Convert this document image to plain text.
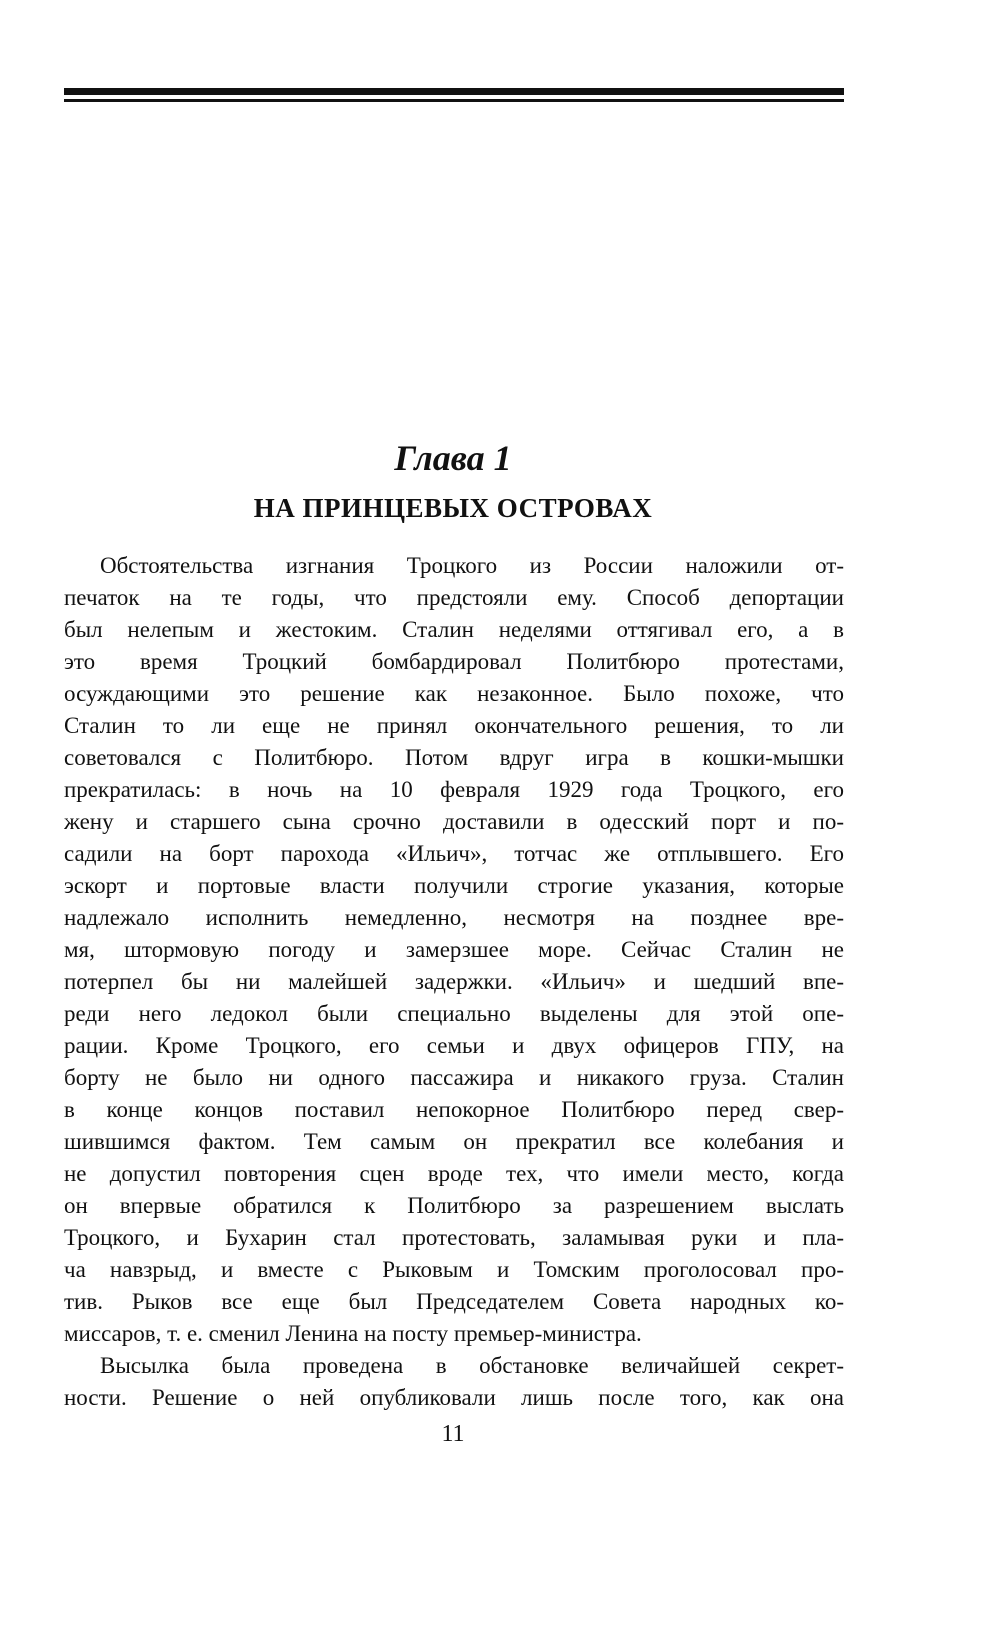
Глава 1
НА ПРИНЦЕВЫХ ОСТРОВАХ
Обстоятельства изгнания Троцкого из России наложили от-
печаток на те годы, что предстояли ему. Способ депортации
был нелепым и жестоким. Сталин неделями оттягивал его, а в
это время Троцкий бомбардировал Политбюро протестами,
осуждающими это решение как незаконное. Было похоже, что
Сталин то ли еще не принял окончательного решения, то ли
советовался с Политбюро. Потом вдруг игра в кошки-мышки
прекратилась: в ночь на 10 февраля 1929 года Троцкого, его
жену и старшего сына срочно доставили в одесский порт и по-
садили на борт парохода «Ильич», тотчас же отплывшего. Его
эскорт и портовые власти получили строгие указания, которые
надлежало исполнить немедленно, несмотря на позднее вре-
мя, штормовую погоду и замерзшее море. Сейчас Сталин не
потерпел бы ни малейшей задержки. «Ильич» и шедший впе-
реди него ледокол были специально выделены для этой опе-
рации. Кроме Троцкого, его семьи и двух офицеров ГПУ, на
борту не было ни одного пассажира и никакого груза. Сталин
в конце концов поставил непокорное Политбюро перед свер-
шившимся фактом. Тем самым он прекратил все колебания и
не допустил повторения сцен вроде тех, что имели место, когда
он впервые обратился к Политбюро за разрешением выслать
Троцкого, и Бухарин стал протестовать, заламывая руки и пла-
ча навзрыд, и вместе с Рыковым и Томским проголосовал про-
тив. Рыков все еще был Председателем Совета народных ко-
миссаров, т. е. сменил Ленина на посту премьер-министра.
Высылка была проведена в обстановке величайшей секрет-
ности. Решение о ней опубликовали лишь после того, как она

11
